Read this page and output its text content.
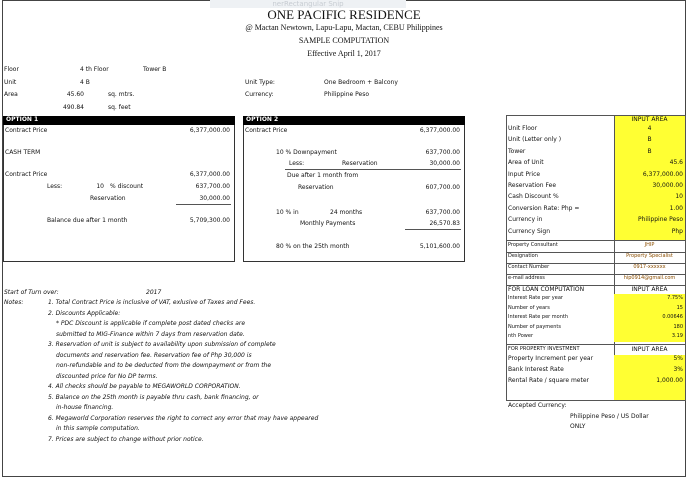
nerRectangular Snip
ONE PACIFIC RESIDENCE
@ Mactan Newtown, Lapu-Lapu, Mactan, CEBU Philippines
SAMPLE COMPUTATION
Effective April 1, 2017
Floor	4 th Floor	Tower B
Unit	4 B
Area	45.60	sq. mtrs.
490.84	sq. feet
Unit Type:	One Bedroom + Balcony
Currency:	Philippine Peso
OPTION 1
Contract Price	6,377,000.00
CASH TERM
Contract Price	6,377,000.00
Less:	10 % discount	637,700.00
Reservation	30,000.00
Balance due after 1 month	5,709,300.00
OPTION 2
Contract Price	6,377,000.00
10 % Downpayment	637,700.00
Less:	Reservation	30,000.00
Due after 1 month from
Reservation	607,700.00
10 % in	24 months	637,700.00
Monthly Payments	26,570.83
80 % on the 25th month	5,101,600.00
Start of Turn over:	2017
Notes:	1. Total Contract Price is inclusive of VAT, exlusive of Taxes and Fees.
2. Discounts Applicable:
* PDC Discount is applicable if complete post dated checks are
submitted to MIG-Finance within 7 days from reservation date.
3. Reservation of unit is subject to availability upon submission of complete
documents and reservation fee. Reservation fee of Php 30,000 is
non-refundable and to be deducted from the downpayment or from the
discounted price for No DP terms.
4. All checks should be payable to MEGAWORLD CORPORATION.
5. Balance on the 25th month is payable thru cash, bank financing, or
in-house financing.
6. Megaworld Corporation reserves the right to correct any error that may have appeared
in this sample computation.
7. Prices are subject to change without prior notice.
INPUT AREA
Unit Floor	4
Unit (Letter only )	B
Tower	B
Area of Unit	45.6
Input Price	6,377,000.00
Reservation Fee	30,000.00
Cash Discount %	10
Conversion Rate: Php =	1.00
Currency in	Philippine Peso
Currency Sign	Php
Property Consultant	JHIP
Designation	Property Specialist
Contact Number	0917-xxxxxx
e-mail address	hip0914@gmail.com
FOR LOAN COMPUTATION	INPUT AREA
Interest Rate per year	7.75%
Number of years	15
Interest Rate per month	0.00646
Number of payments	180
nth Power	3.19
FOR PROPERTY INVESTMENT	INPUT AREA
Property Increment per year	5%
Bank Interest Rate	3%
Rental Rate / square meter	1,000.00
Accepted Currency:
Philippine Peso / US Dollar
ONLY
